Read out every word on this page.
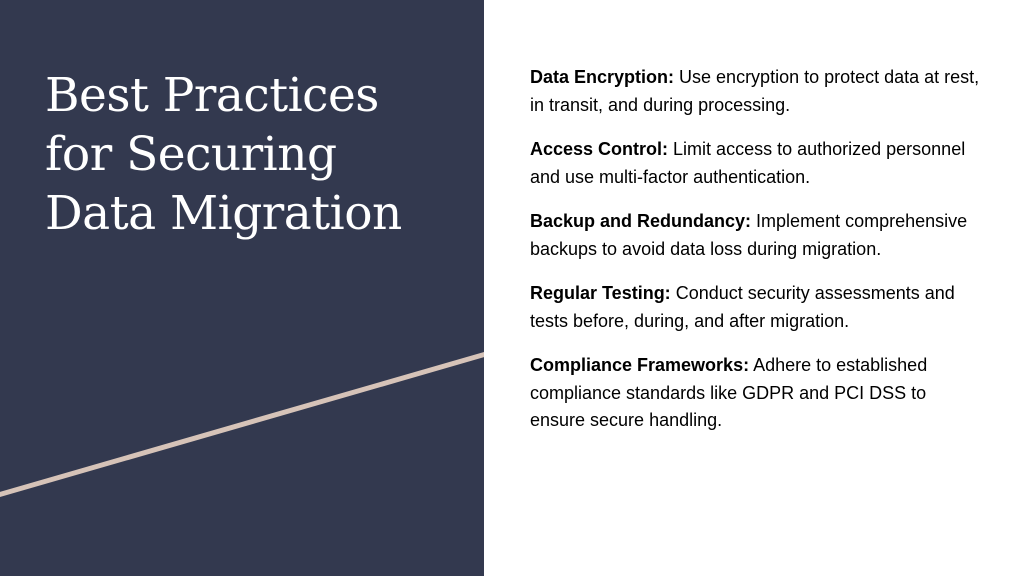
Best Practices
for Securing
Data Migration

Data Encryption: Use encryption to protect data at rest, in transit, and during processing.

Access Control: Limit access to authorized personnel and use multi-factor authentication.

Backup and Redundancy: Implement comprehensive backups to avoid data loss during migration.

Regular Testing: Conduct security assessments and tests before, during, and after migration.

Compliance Frameworks: Adhere to established compliance standards like GDPR and PCI DSS to ensure secure handling.
